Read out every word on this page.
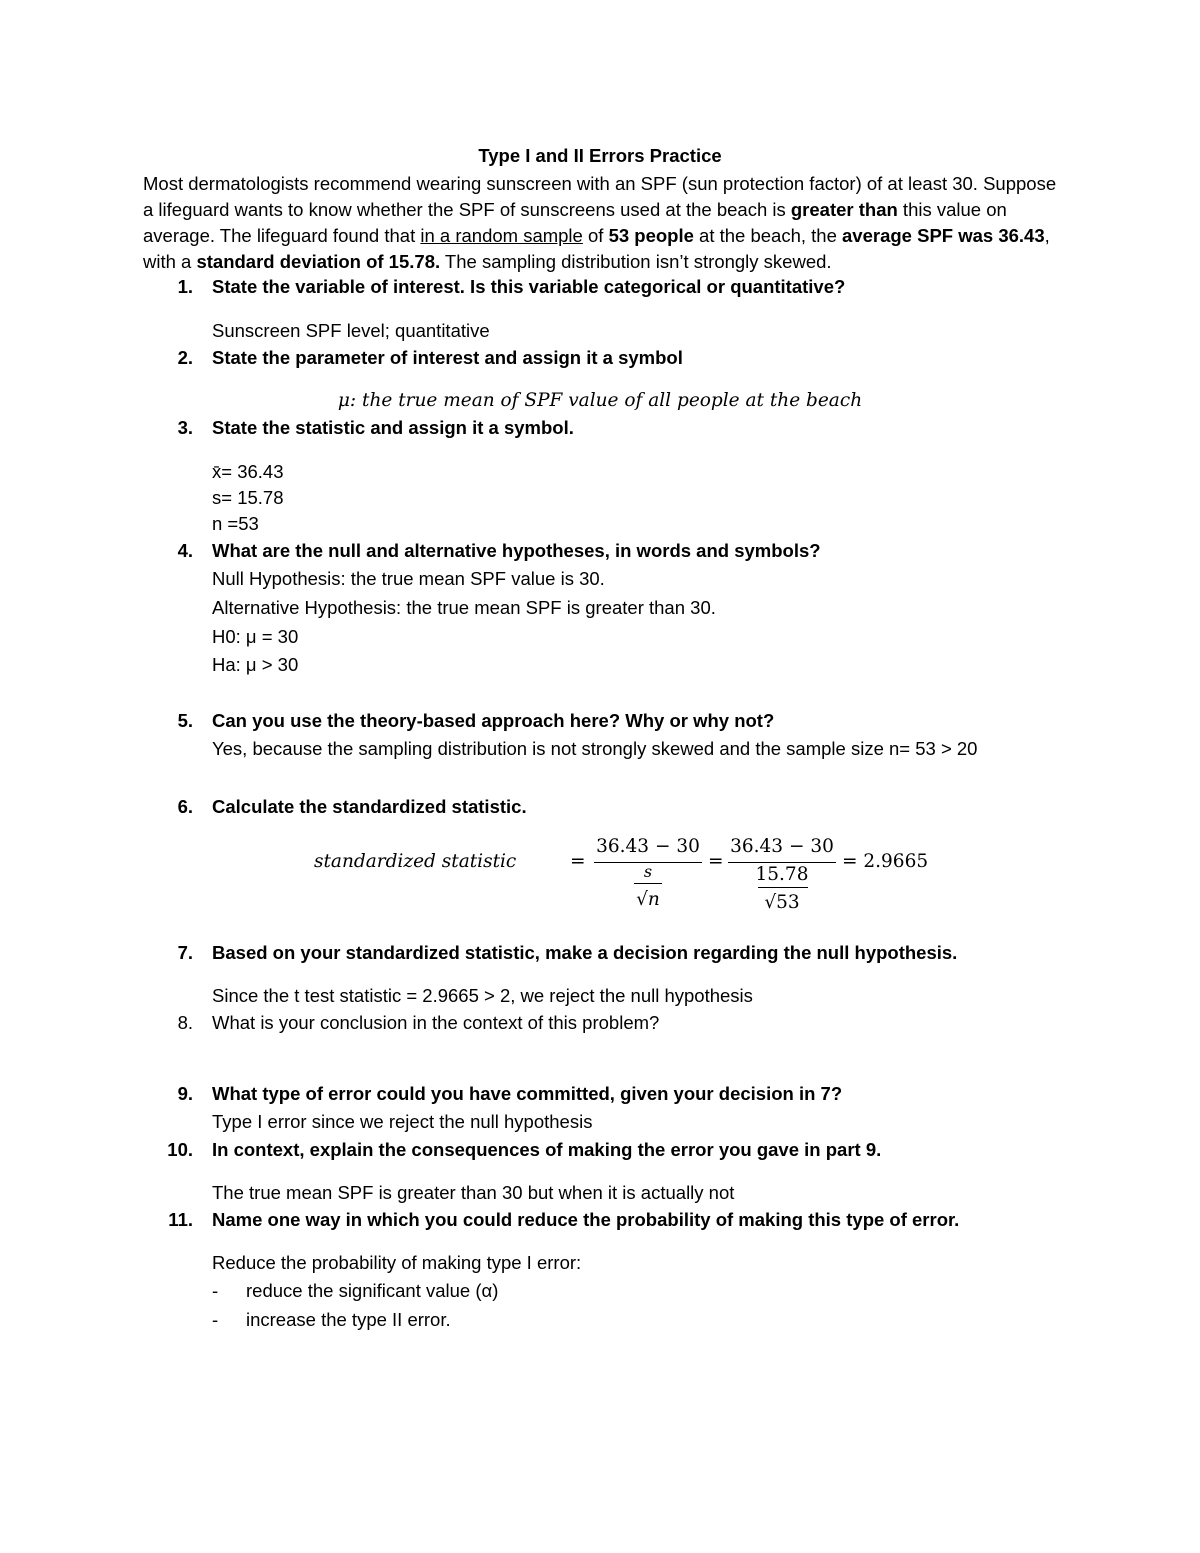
Type I and II Errors Practice
Most dermatologists recommend wearing sunscreen with an SPF (sun protection factor) of at least 30. Suppose a lifeguard wants to know whether the SPF of sunscreens used at the beach is greater than this value on average. The lifeguard found that in a random sample of 53 people at the beach, the average SPF was 36.43, with a standard deviation of 15.78. The sampling distribution isn’t strongly skewed.
1. State the variable of interest. Is this variable categorical or quantitative?
Sunscreen SPF level; quantitative
2. State the parameter of interest and assign it a symbol
μ: the true mean of SPF value of all people at the beach
3. State the statistic and assign it a symbol.
x̄= 36.43
s= 15.78
n =53
4. What are the null and alternative hypotheses, in words and symbols?
Null Hypothesis: the true mean SPF value is 30.
Alternative Hypothesis: the true mean SPF is greater than 30.
H0: μ = 30
Ha: μ > 30
5. Can you use the theory-based approach here? Why or why not?
Yes, because the sampling distribution is not strongly skewed and the sample size n= 53 > 20
6. Calculate the standardized statistic.
standardized statistic	=
36.43 − 30
s
√n
=
36.43 − 30
15.78
√53
= 2.9665
7. Based on your standardized statistic, make a decision regarding the null hypothesis.
Since the t test statistic = 2.9665 > 2, we reject the null hypothesis
8. What is your conclusion in the context of this problem?
9. What type of error could you have committed, given your decision in 7?
Type I error since we reject the null hypothesis
10. In context, explain the consequences of making the error you gave in part 9.
The true mean SPF is greater than 30 but when it is actually not
11. Name one way in which you could reduce the probability of making this type of error.
Reduce the probability of making type I error:
- reduce the significant value (α)
- increase the type II error.
